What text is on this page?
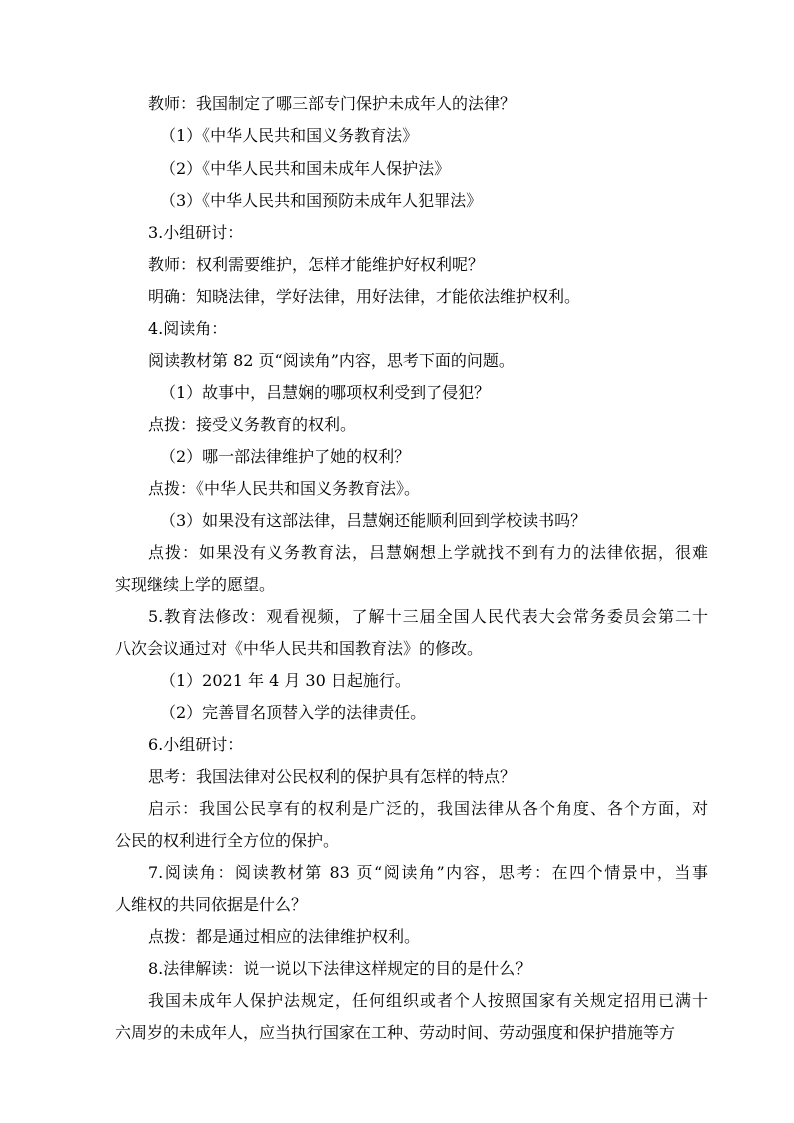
教师：我国制定了哪三部专门保护未成年人的法律？

（1）《中华人民共和国义务教育法》

（2）《中华人民共和国未成年人保护法》

（3）《中华人民共和国预防未成年人犯罪法》

3.小组研讨：

教师：权利需要维护，怎样才能维护好权利呢？

明确：知晓法律，学好法律，用好法律，才能依法维护权利。

4.阅读角：

阅读教材第 82 页“阅读角”内容，思考下面的问题。

（1）故事中，吕慧娴的哪项权利受到了侵犯？

点拨：接受义务教育的权利。

（2）哪一部法律维护了她的权利？

点拨：《中华人民共和国义务教育法》。

（3）如果没有这部法律，吕慧娴还能顺利回到学校读书吗？

点拨：如果没有义务教育法，吕慧娴想上学就找不到有力的法律依据，很难

实现继续上学的愿望。

5.教育法修改：观看视频，了解十三届全国人民代表大会常务委员会第二十

八次会议通过对《中华人民共和国教育法》的修改。

（1）2021 年 4 月 30 日起施行。

（2）完善冒名顶替入学的法律责任。

6.小组研讨：

思考：我国法律对公民权利的保护具有怎样的特点？

启示：我国公民享有的权利是广泛的，我国法律从各个角度、各个方面，对

公民的权利进行全方位的保护。

7.阅读角：阅读教材第 83 页“阅读角”内容，思考：在四个情景中，当事

人维权的共同依据是什么？

点拨：都是通过相应的法律维护权利。

8.法律解读：说一说以下法律这样规定的目的是什么？

我国未成年人保护法规定，任何组织或者个人按照国家有关规定招用已满十

六周岁的未成年人，应当执行国家在工种、劳动时间、劳动强度和保护措施等方
